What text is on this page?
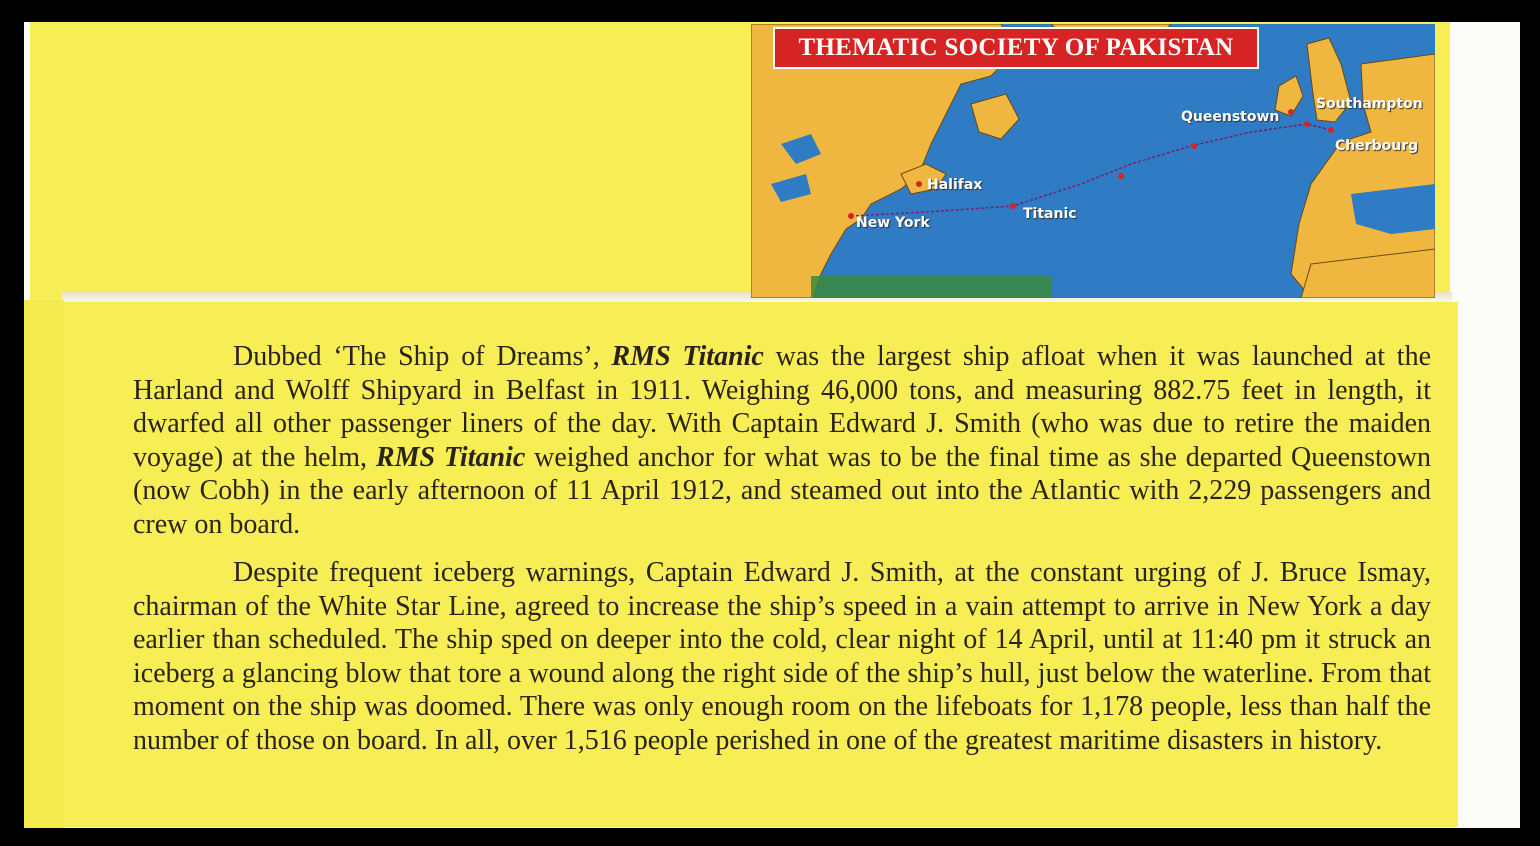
THEMATIC SOCIETY OF PAKISTAN
Halifax
New York
Titanic
Queenstown
Southampton
Cherbourg

Dubbed ‘The Ship of Dreams’, RMS Titanic was the largest ship afloat when it was launched at the Harland and Wolff Shipyard in Belfast in 1911. Weighing 46,000 tons, and measuring 882.75 feet in length, it dwarfed all other passenger liners of the day. With Captain Edward J. Smith (who was due to retire the maiden voyage) at the helm, RMS Titanic weighed anchor for what was to be the final time as she departed Queenstown (now Cobh) in the early afternoon of 11 April 1912, and steamed out into the Atlantic with 2,229 passengers and crew on board.

Despite frequent iceberg warnings, Captain Edward J. Smith, at the constant urging of J. Bruce Ismay, chairman of the White Star Line, agreed to increase the ship’s speed in a vain attempt to arrive in New York a day earlier than scheduled. The ship sped on deeper into the cold, clear night of 14 April, until at 11:40 pm it struck an iceberg a glancing blow that tore a wound along the right side of the ship’s hull, just below the waterline. From that moment on the ship was doomed. There was only enough room on the lifeboats for 1,178 people, less than half the number of those on board. In all, over 1,516 people perished in one of the greatest maritime disasters in history.
